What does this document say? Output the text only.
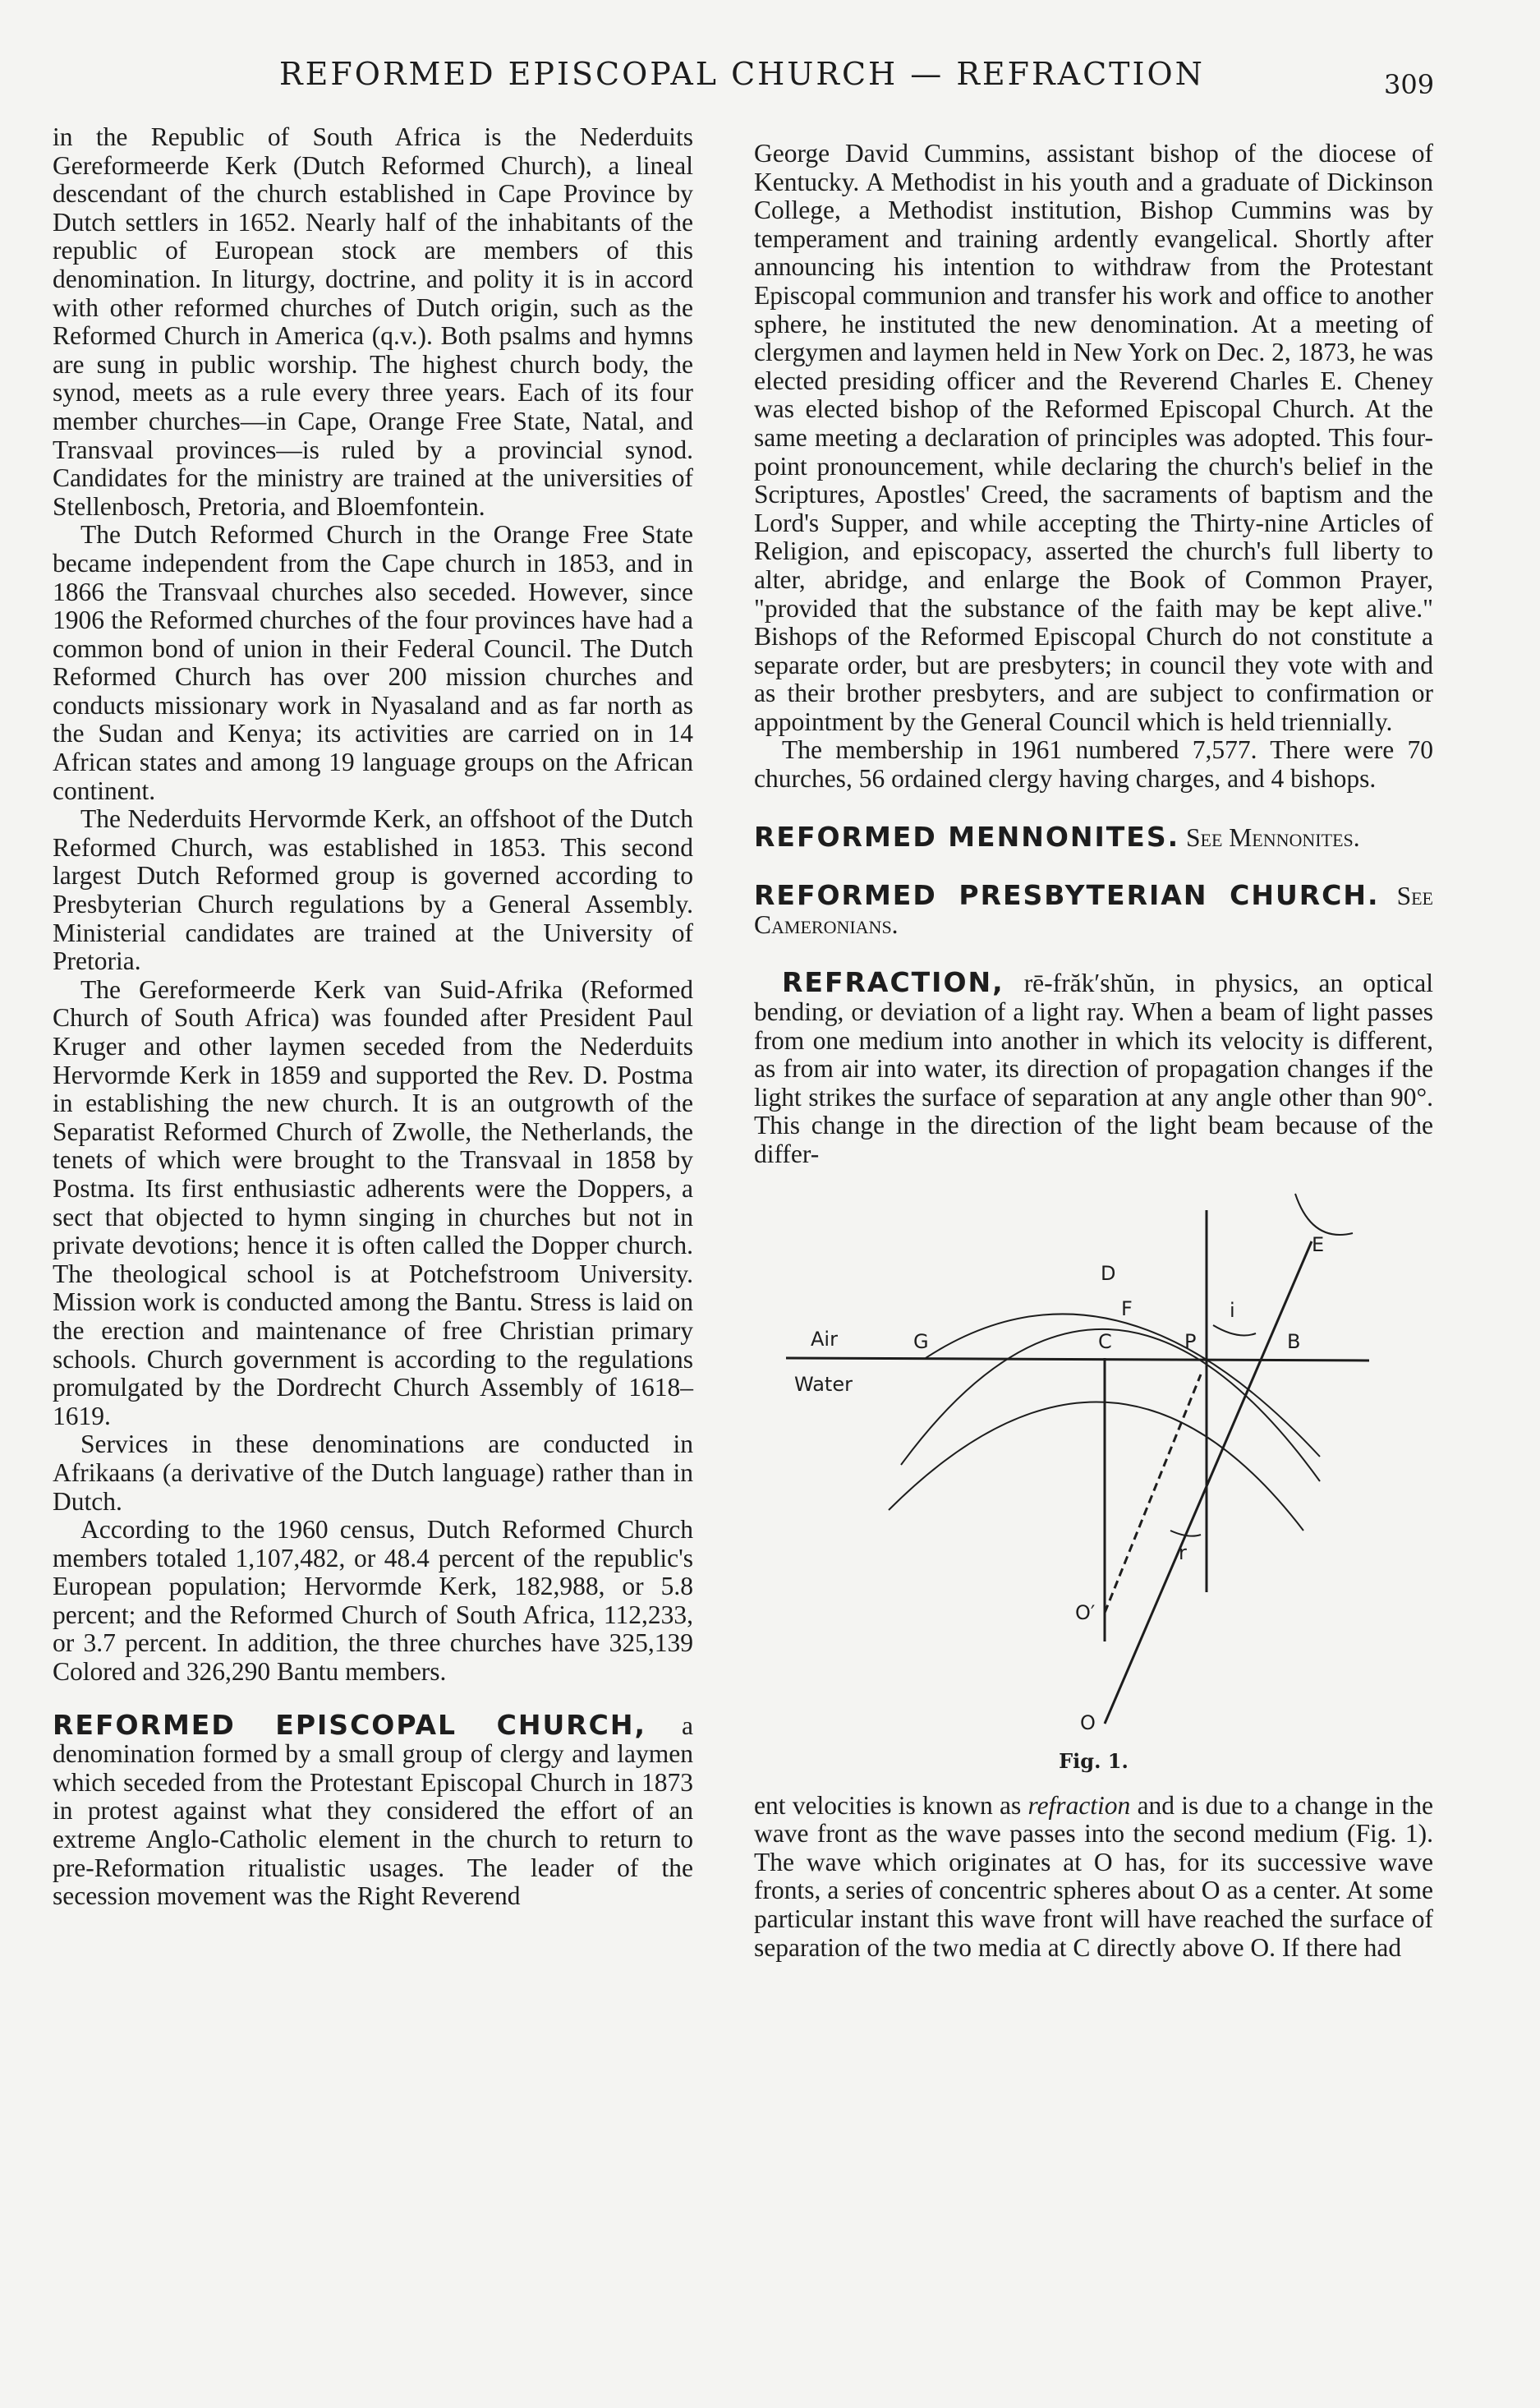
REFORMED EPISCOPAL CHURCH — REFRACTION	309

in the Republic of South Africa is the Nederduits Gereformeerde Kerk (Dutch Reformed Church), a lineal descendant of the church established in Cape Province by Dutch settlers in 1652. Nearly half of the inhabitants of the republic of European stock are members of this denomination. In liturgy, doctrine, and polity it is in accord with other reformed churches of Dutch origin, such as the Reformed Church in America (q.v.). Both psalms and hymns are sung in public worship. The highest church body, the synod, meets as a rule every three years. Each of its four member churches—in Cape, Orange Free State, Natal, and Transvaal provinces—is ruled by a provincial synod. Candidates for the ministry are trained at the universities of Stellenbosch, Pretoria, and Bloemfontein.

The Dutch Reformed Church in the Orange Free State became independent from the Cape church in 1853, and in 1866 the Transvaal churches also seceded. However, since 1906 the Reformed churches of the four provinces have had a common bond of union in their Federal Council. The Dutch Reformed Church has over 200 mission churches and conducts missionary work in Nyasaland and as far north as the Sudan and Kenya; its activities are carried on in 14 African states and among 19 language groups on the African continent.

The Nederduits Hervormde Kerk, an offshoot of the Dutch Reformed Church, was established in 1853. This second largest Dutch Reformed group is governed according to Presbyterian Church regulations by a General Assembly. Ministerial candidates are trained at the University of Pretoria.

The Gereformeerde Kerk van Suid-Afrika (Reformed Church of South Africa) was founded after President Paul Kruger and other laymen seceded from the Nederduits Hervormde Kerk in 1859 and supported the Rev. D. Postma in establishing the new church. It is an outgrowth of the Separatist Reformed Church of Zwolle, the Netherlands, the tenets of which were brought to the Transvaal in 1858 by Postma. Its first enthusiastic adherents were the Doppers, a sect that objected to hymn singing in churches but not in private devotions; hence it is often called the Dopper church. The theological school is at Potchefstroom University. Mission work is conducted among the Bantu. Stress is laid on the erection and maintenance of free Christian primary schools. Church government is according to the regulations promulgated by the Dordrecht Church Assembly of 1618–1619.

Services in these denominations are conducted in Afrikaans (a derivative of the Dutch language) rather than in Dutch.

According to the 1960 census, Dutch Reformed Church members totaled 1,107,482, or 48.4 percent of the republic's European population; Hervormde Kerk, 182,988, or 5.8 percent; and the Reformed Church of South Africa, 112,233, or 3.7 percent. In addition, the three churches have 325,139 Colored and 326,290 Bantu members.

REFORMED EPISCOPAL CHURCH, a denomination formed by a small group of clergy and laymen which seceded from the Protestant Episcopal Church in 1873 in protest against what they considered the effort of an extreme Anglo-Catholic element in the church to return to pre-Reformation ritualistic usages. The leader of the secession movement was the Right Reverend

George David Cummins, assistant bishop of the diocese of Kentucky. A Methodist in his youth and a graduate of Dickinson College, a Methodist institution, Bishop Cummins was by temperament and training ardently evangelical. Shortly after announcing his intention to withdraw from the Protestant Episcopal communion and transfer his work and office to another sphere, he instituted the new denomination. At a meeting of clergymen and laymen held in New York on Dec. 2, 1873, he was elected presiding officer and the Reverend Charles E. Cheney was elected bishop of the Reformed Episcopal Church. At the same meeting a declaration of principles was adopted. This four-point pronouncement, while declaring the church's belief in the Scriptures, Apostles' Creed, the sacraments of baptism and the Lord's Supper, and while accepting the Thirty-nine Articles of Religion, and episcopacy, asserted the church's full liberty to alter, abridge, and enlarge the Book of Common Prayer, "provided that the substance of the faith may be kept alive." Bishops of the Reformed Episcopal Church do not constitute a separate order, but are presbyters; in council they vote with and as their brother presbyters, and are subject to confirmation or appointment by the General Council which is held triennially.

The membership in 1961 numbered 7,577. There were 70 churches, 56 ordained clergy having charges, and 4 bishops.

REFORMED MENNONITES. See Mennonites.

REFORMED PRESBYTERIAN CHURCH. See Cameronians.

REFRACTION, rē-frăk′shŭn, in physics, an optical bending, or deviation of a light ray. When a beam of light passes from one medium into another in which its velocity is different, as from air into water, its direction of propagation changes if the light strikes the surface of separation at any angle other than 90°. This change in the direction of the light beam because of the differ-

Air
Water
D
F
G	C	P	B
E
i
r
O′
O
Fig. 1.

ent velocities is known as refraction and is due to a change in the wave front as the wave passes into the second medium (Fig. 1). The wave which originates at O has, for its successive wave fronts, a series of concentric spheres about O as a center. At some particular instant this wave front will have reached the surface of separation of the two media at C directly above O. If there had
